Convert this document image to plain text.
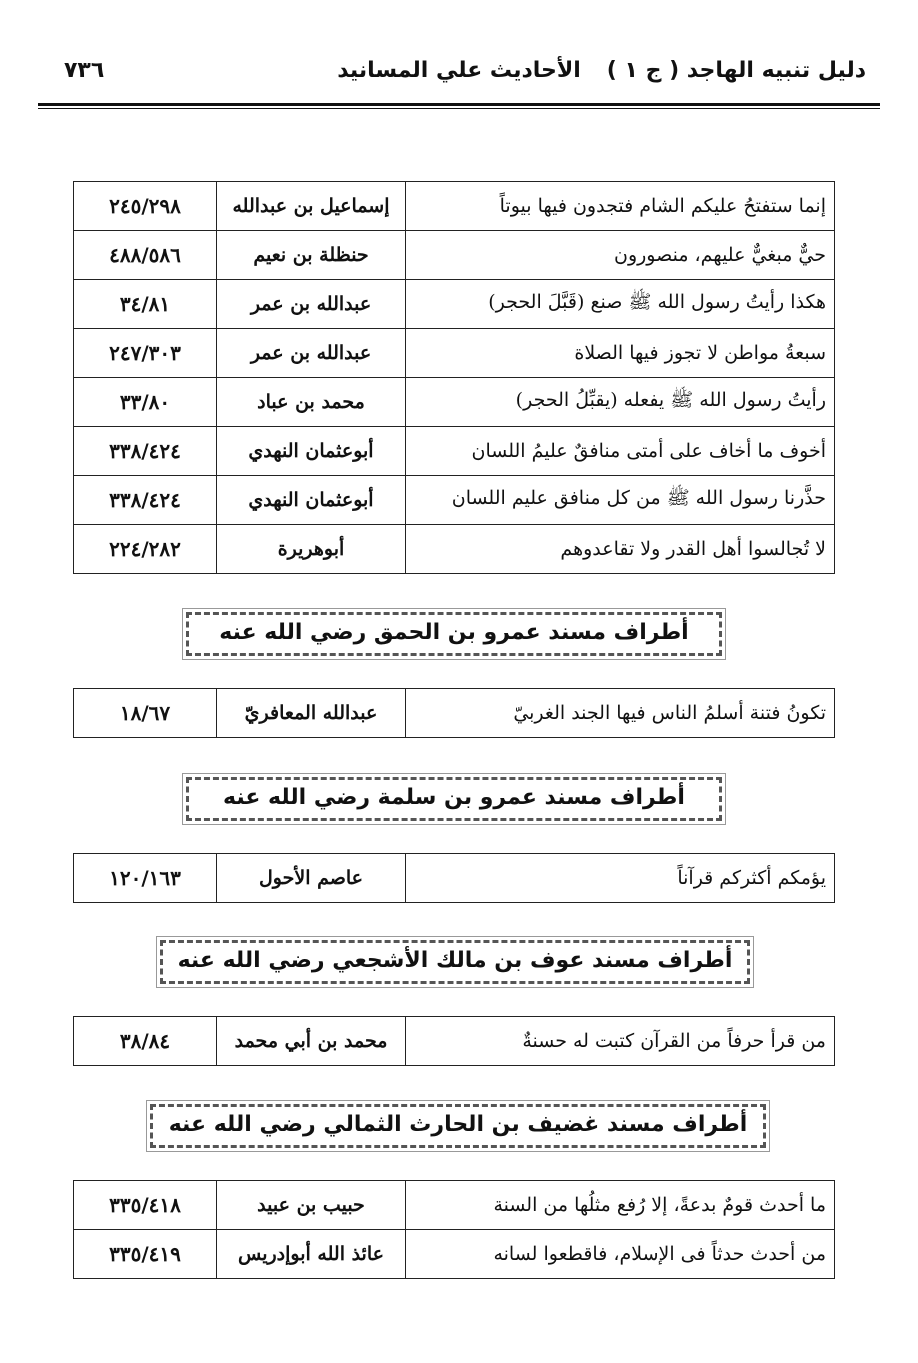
دليل تنبيه الهاجد ( ج ١ )
الأحاديث علي المسانيد
٧٣٦
إنما ستفتحُ عليكم الشام فتجدون فيها بيوتاً	إسماعيل بن عبدالله	٢٤٥/٢٩٨
حيٌّ مبغيٌّ عليهم، منصورون	حنظلة بن نعيم	٤٨٨/٥٨٦
هكذا رأيتُ رسول الله ﷺ صنع (قَبَّلَ الحجر)	عبدالله بن عمر	٣٤/٨١
سبعةُ مواطن لا تجوز فيها الصلاة	عبدالله بن عمر	٢٤٧/٣٠٣
رأيتُ رسول الله ﷺ يفعله (يقبِّلُ الحجر)	محمد بن عباد	٣٣/٨٠
أخوف ما أخاف على أمتى منافقٌ عليمُ اللسان	أبوعثمان النهدي	٣٣٨/٤٢٤
حذَّرنا رسول الله ﷺ من كل منافق عليم اللسان	أبوعثمان النهدي	٣٣٨/٤٢٤
لا تُجالسوا أهل القدر ولا تقاعدوهم	أبوهريرة	٢٢٤/٢٨٢
أطراف مسند عمرو بن الحمق رضي الله عنه
تكونُ فتنة أسلمُ الناس فيها الجند الغربيّ	عبدالله المعافريّ	١٨/٦٧
أطراف مسند عمرو بن سلمة رضي الله عنه
يؤمكم أكثركم قرآناً	عاصم الأحول	١٢٠/١٦٣
أطراف مسند عوف بن مالك الأشجعي رضي الله عنه
من قرأ حرفاً من القرآن كتبت له حسنةٌ	محمد بن أبي محمد	٣٨/٨٤
أطراف مسند غضيف بن الحارث الثمالي رضي الله عنه
ما أحدث قومٌ بدعةً، إلا رُفع مثلُها من السنة	حبيب بن عبيد	٣٣٥/٤١٨
من أحدث حدثاً فى الإسلام، فاقطعوا لسانه	عائذ الله أبوإدريس	٣٣٥/٤١٩
